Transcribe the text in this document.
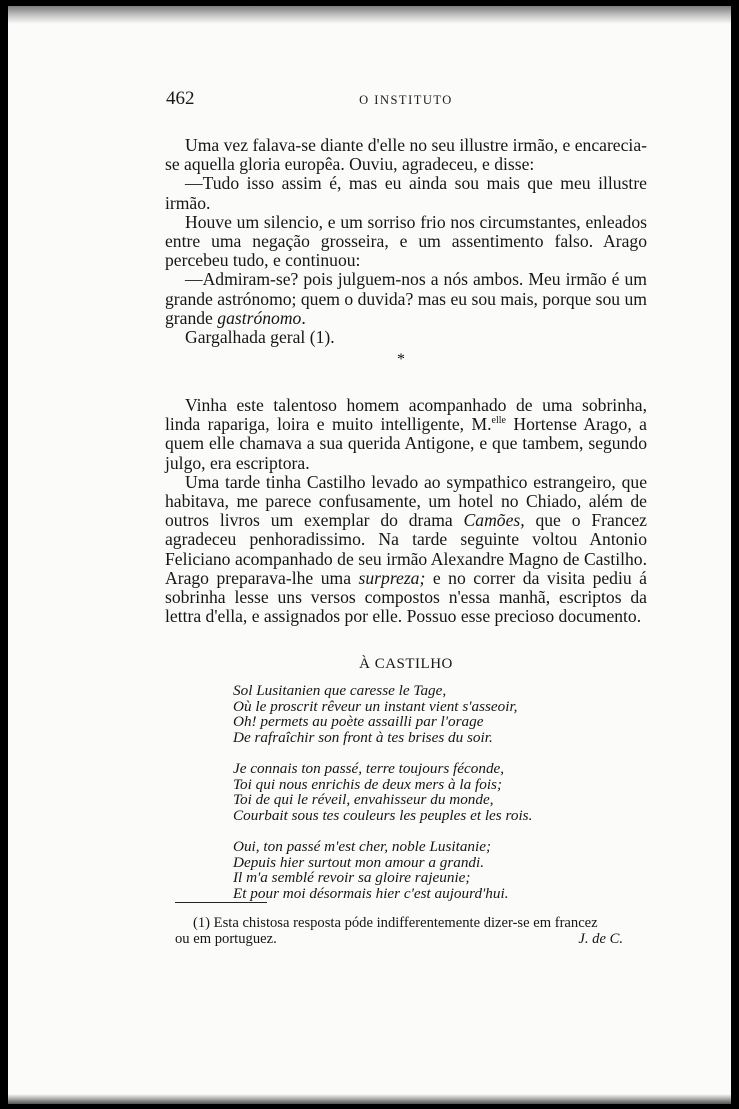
462	O INSTITUTO

Uma vez falava-se diante d'elle no seu illustre irmão, e encarecia-se aquella gloria europêa. Ouviu, agradeceu, e disse:

—Tudo isso assim é, mas eu ainda sou mais que meu illustre irmão.

Houve um silencio, e um sorriso frio nos circumstantes, enleados entre uma negação grosseira, e um assentimento falso. Arago percebeu tudo, e continuou:

—Admiram-se? pois julguem-nos a nós ambos. Meu irmão é um grande astrónomo; quem o duvida? mas eu sou mais, porque sou um grande gastrónomo.

Gargalhada geral (1).

*

Vinha este talentoso homem acompanhado de uma sobrinha, linda rapariga, loira e muito intelligente, M.$^{elle}$ Hortense Arago, a quem elle chamava a sua querida Antigone, e que tambem, segundo julgo, era escriptora.

Uma tarde tinha Castilho levado ao sympathico estrangeiro, que habitava, me parece confusamente, um hotel no Chiado, além de outros livros um exemplar do drama Camões, que o Francez agradeceu penhoradissimo. Na tarde seguinte voltou Antonio Feliciano acompanhado de seu irmão Alexandre Magno de Castilho. Arago preparava-lhe uma surpreza; e no correr da visita pediu á sobrinha lesse uns versos compostos n'essa manhã, escriptos da lettra d'ella, e assignados por elle. Possuo esse precioso documento.

À CASTILHO
Sol Lusitanien que caresse le Tage,
Où le proscrit rêveur un instant vient s'asseoir,
Oh! permets au poète assailli par l'orage
De rafraîchir son front à tes brises du soir.
Je connais ton passé, terre toujours féconde,
Toi qui nous enrichis de deux mers à la fois;
Toi de qui le réveil, envahisseur du monde,
Courbait sous tes couleurs les peuples et les rois.
Oui, ton passé m'est cher, noble Lusitanie;
Depuis hier surtout mon amour a grandi.
Il m'a semblé revoir sa gloire rajeunie;
Et pour moi désormais hier c'est aujourd'hui.
(1) Esta chistosa resposta póde indifferentemente dizer-se em francez
ou em portuguez.	J. de C.
